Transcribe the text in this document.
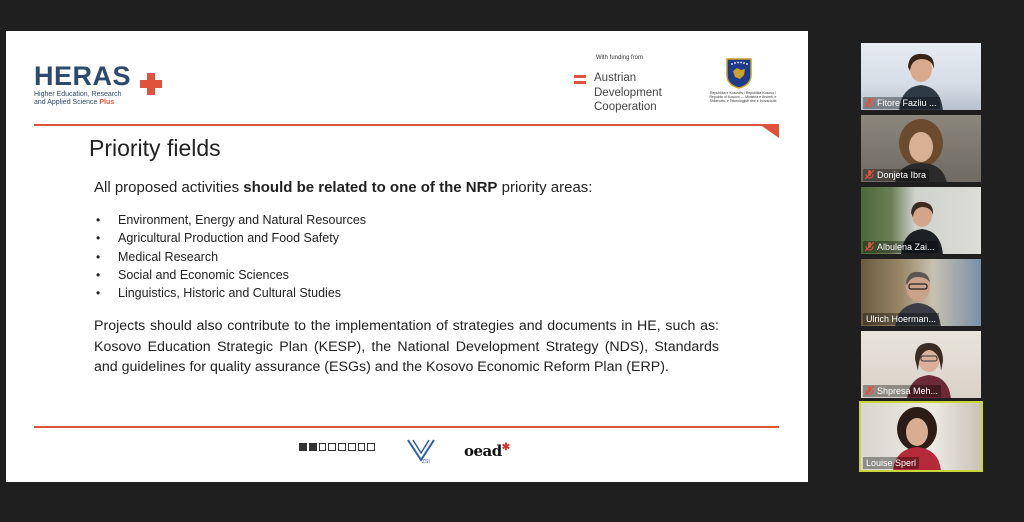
HERAS
Higher Education, Research
and Applied Science Plus
With funding from
Austrian
Development
Cooperation
Republika e Kosovës / Republika Kosovo / Republic of Kosovo — Ministria e Arsimit, e Shkencës, e Teknologjisë dhe e Inovacionit
Priority fields
All proposed activities should be related to one of the NRP priority areas:
• Environment, Energy and Natural Resources
• Agricultural Production and Food Safety
• Medical Research
• Social and Economic Sciences
• Linguistics, Historic and Cultural Studies
Projects should also contribute to the implementation of strategies and documents in HE, such as: Kosovo Education Strategic Plan (KESP), the National Development Strategy (NDS), Standards and guidelines for quality assurance (ESGs) and the Kosovo Economic Reform Plan (ERP).
ZSI
oead✱
Fitore Fazliu ...
Donjeta Ibra
Albulena Zai...
Ulrich Hoerman...
Shpresa Meh...
Louise Sperl
